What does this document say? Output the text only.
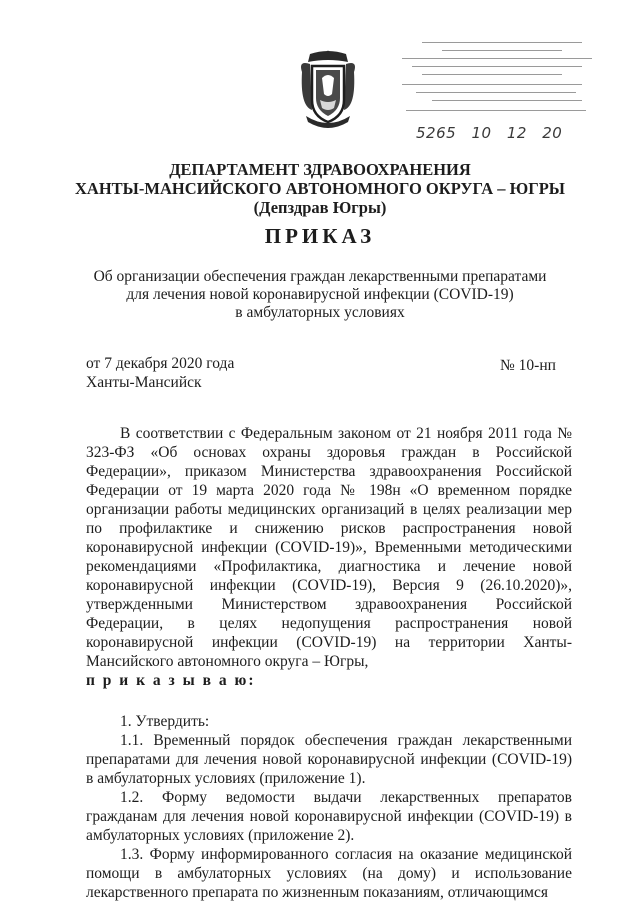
5265 10 12 20
ДЕПАРТАМЕНТ ЗДРАВООХРАНЕНИЯ
ХАНТЫ-МАНСИЙСКОГО АВТОНОМНОГО ОКРУГА – ЮГРЫ
(Депздрав Югры)
ПРИКАЗ
Об организации обеспечения граждан лекарственными препаратами
для лечения новой коронавирусной инфекции (COVID-19)
в амбулаторных условиях
от 7 декабря 2020 года
Ханты-Мансийск
№ 10-нп

В соответствии с Федеральным законом от 21 ноября 2011 года № 323-ФЗ «Об основах охраны здоровья граждан в Российской Федерации», приказом Министерства здравоохранения Российской Федерации от 19 марта 2020 года № 198н «О временном порядке организации работы медицинских организаций в целях реализации мер по профилактике и снижению рисков распространения новой коронавирусной инфекции (COVID-19)», Временными методическими рекомендациями «Профилактика, диагностика и лечение новой коронавирусной инфекции (COVID-19), Версия 9 (26.10.2020)», утвержденными Министерством здравоохранения Российской Федерации, в целях недопущения распространения новой коронавирусной инфекции (COVID-19) на территории Ханты-Мансийского автономного округа – Югры,

п р и к а з ы в а ю:

1. Утвердить:

1.1. Временный порядок обеспечения граждан лекарственными препаратами для лечения новой коронавирусной инфекции (COVID-19) в амбулаторных условиях (приложение 1).

1.2. Форму ведомости выдачи лекарственных препаратов гражданам для лечения новой коронавирусной инфекции (COVID-19) в амбулаторных условиях (приложение 2).

1.3. Форму информированного согласия на оказание медицинской помощи в амбулаторных условиях (на дому) и использование лекарственного препарата по жизненным показаниям, отличающимся
